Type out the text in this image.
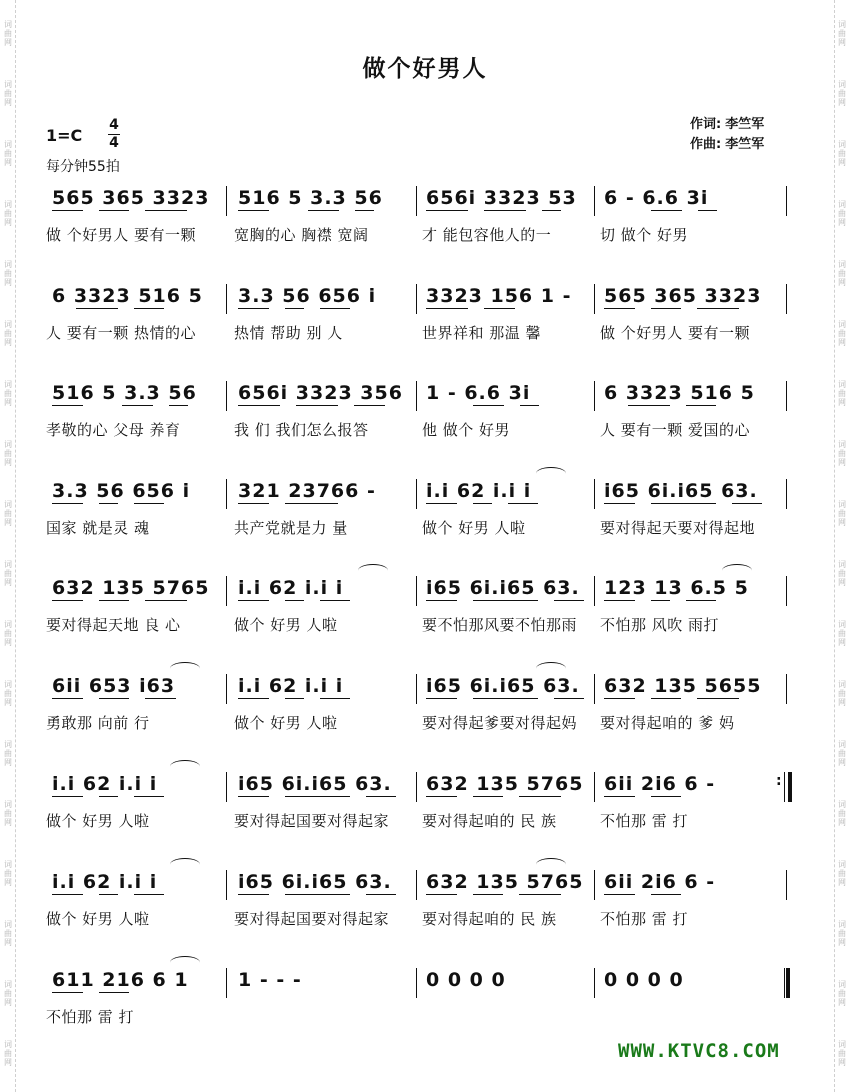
词曲网
词曲网
词曲网
词曲网
词曲网
词曲网
词曲网
词曲网
词曲网
词曲网
词曲网
词曲网
词曲网
词曲网
词曲网
词曲网
词曲网
词曲网
词曲网
词曲网
词曲网
词曲网
词曲网
词曲网
词曲网
词曲网
词曲网
词曲网
词曲网
词曲网
词曲网
词曲网
词曲网
词曲网
词曲网
词曲网
做个好男人
1=C
4
4
每分钟55拍
作词: 李竺军
作曲: 李竺军
565 365 3323 516 5 3.3 56 656i 3323 53 6 - 6.6 3i
做 个好男人 要有一颗	宽胸的心 胸襟 宽阔	才 能包容他人的一	切 做个 好男
6 3323 516 5 3.3 56 656 i	3323 156 1 - 565 365 3323
人 要有一颗 热情的心	热情 帮助 别 人	世界祥和 那温 馨	做 个好男人 要有一颗
516 5 3.3 56 656i 3323 356 1 - 6.6 3i	6 3323 516 5
孝敬的心 父母 养育	我 们 我们怎么报答	他 做个 好男	人 要有一颗 爱国的心
3.3 56 656 i	321 23766 -	i.i 62 i.i i	i65 6i.i65 63.
国家 就是灵 魂	共产党就是力 量	做个 好男 人啦	要对得起天要对得起地
632 135 5765 i.i 62 i.i i	i65 6i.i65 63. 123 13 6.5 5
要对得起天地 良 心	做个 好男 人啦	要不怕那风要不怕那雨 不怕那 风吹 雨打
6ii 653 i63	i.i 62 i.i i	i65 6i.i65 63. 632 135 5655
勇敢那 向前 行	做个 好男 人啦	要对得起爹要对得起妈 要对得起咱的 爹 妈
i.i 62 i.i i	i65 6i.i65 63. 632 135 5765 6ii 2i6 6 -	:
做个 好男 人啦	要对得起国要对得起家 要对得起咱的 民 族	不怕那 雷 打
i.i 62 i.i i	i65 6i.i65 63. 632 135 5765 6ii 2i6 6 -
做个 好男 人啦	要对得起国要对得起家 要对得起咱的 民 族	不怕那 雷 打
611 216 6 1	1 - - -	0 0 0 0	0 0 0 0
不怕那 雷 打
WWW.KTVC8.COM
